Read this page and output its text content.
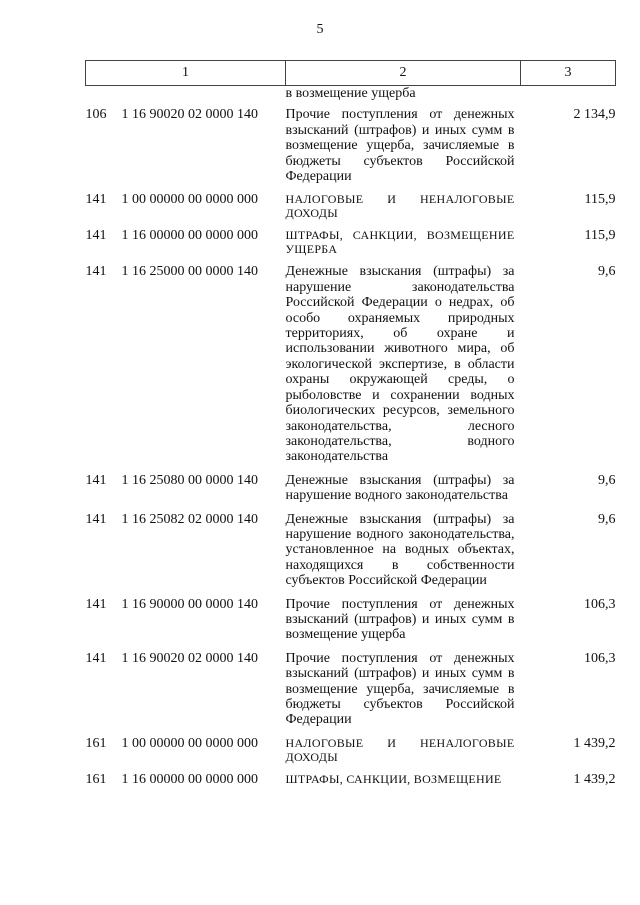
5
1	2	3
	в возмещение ущерба	
106 1 16 90020 02 0000 140	Прочие поступления от денежных взысканий (штрафов) и иных сумм в возмещение ущерба, зачисляемые в бюджеты субъектов Российской Федерации	2 134,9
141 1 00 00000 00 0000 000	НАЛОГОВЫЕ И НЕНАЛОГОВЫЕ ДОХОДЫ	115,9
141 1 16 00000 00 0000 000	ШТРАФЫ, САНКЦИИ, ВОЗМЕЩЕНИЕ УЩЕРБА	115,9
141 1 16 25000 00 0000 140	Денежные взыскания (штрафы) за нарушение законодательства Российской Федерации о недрах, об особо охраняемых природных территориях, об охране и использовании животного мира, об экологической экспертизе, в области охраны окружающей среды, о рыболовстве и сохранении водных биологических ресурсов, земельного законодательства, лесного законодательства, водного законодательства	9,6
141 1 16 25080 00 0000 140	Денежные взыскания (штрафы) за нарушение водного законодательства	9,6
141 1 16 25082 02 0000 140	Денежные взыскания (штрафы) за нарушение водного законодательства, установленное на водных объектах, находящихся в собственности субъектов Российской Федерации	9,6
141 1 16 90000 00 0000 140	Прочие поступления от денежных взысканий (штрафов) и иных сумм в возмещение ущерба	106,3
141 1 16 90020 02 0000 140	Прочие поступления от денежных взысканий (штрафов) и иных сумм в возмещение ущерба, зачисляемые в бюджеты субъектов Российской Федерации	106,3
161 1 00 00000 00 0000 000	НАЛОГОВЫЕ И НЕНАЛОГОВЫЕ ДОХОДЫ	1 439,2
161 1 16 00000 00 0000 000	ШТРАФЫ, САНКЦИИ, ВОЗМЕЩЕНИЕ	1 439,2
